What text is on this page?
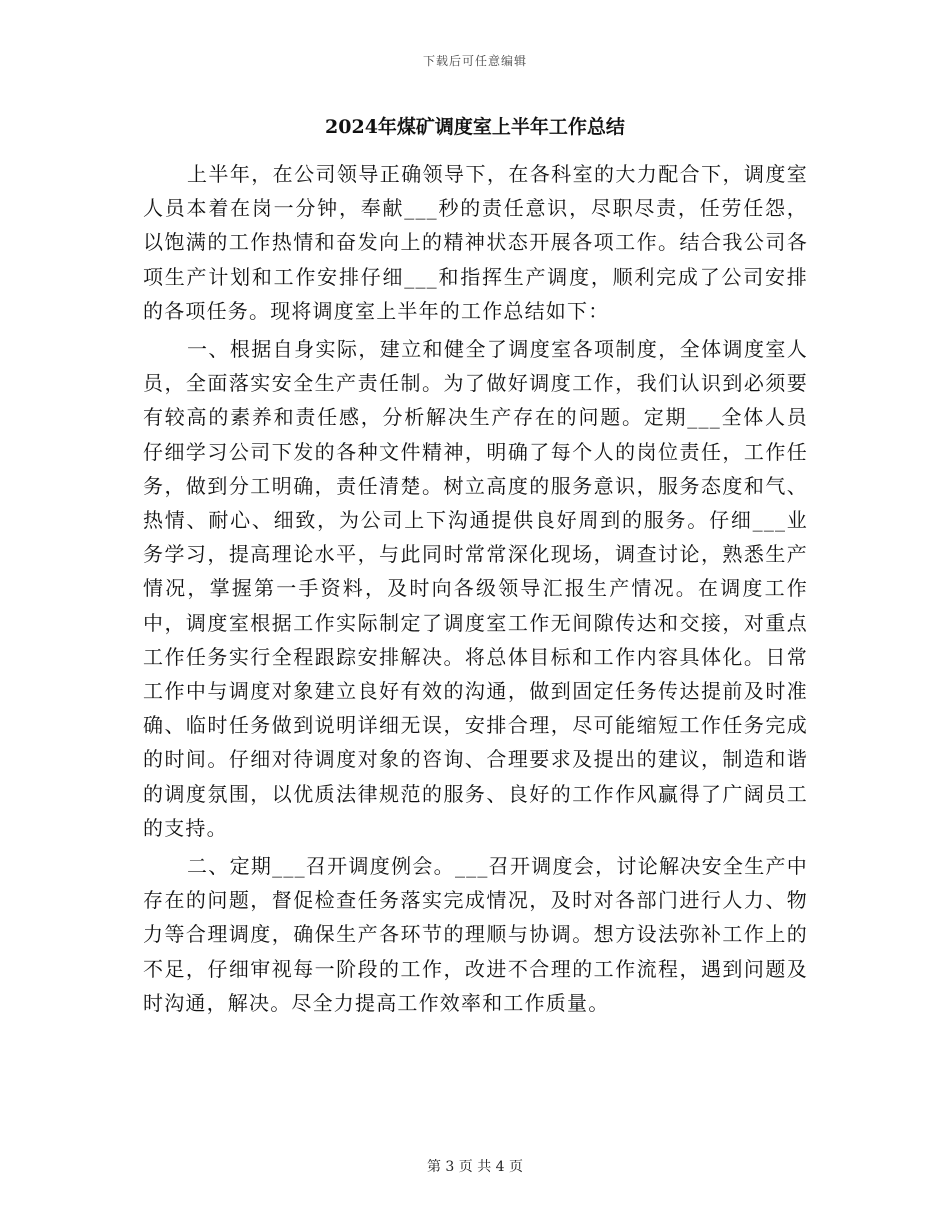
下载后可任意编辑
2024年煤矿调度室上半年工作总结

上半年，在公司领导正确领导下，在各科室的大力配合下，调度室人员本着在岗一分钟，奉献___秒的责任意识，尽职尽责，任劳任怨，以饱满的工作热情和奋发向上的精神状态开展各项工作。结合我公司各项生产计划和工作安排仔细___和指挥生产调度，顺利完成了公司安排的各项任务。现将调度室上半年的工作总结如下：

一、根据自身实际，建立和健全了调度室各项制度，全体调度室人员，全面落实安全生产责任制。为了做好调度工作，我们认识到必须要有较高的素养和责任感，分析解决生产存在的问题。定期___全体人员仔细学习公司下发的各种文件精神，明确了每个人的岗位责任，工作任务，做到分工明确，责任清楚。树立高度的服务意识，服务态度和气、热情、耐心、细致，为公司上下沟通提供良好周到的服务。仔细___业务学习，提高理论水平，与此同时常常深化现场，调查讨论，熟悉生产情况，掌握第一手资料，及时向各级领导汇报生产情况。在调度工作中，调度室根据工作实际制定了调度室工作无间隙传达和交接，对重点工作任务实行全程跟踪安排解决。将总体目标和工作内容具体化。日常工作中与调度对象建立良好有效的沟通，做到固定任务传达提前及时准确、临时任务做到说明详细无误，安排合理，尽可能缩短工作任务完成的时间。仔细对待调度对象的咨询、合理要求及提出的建议，制造和谐的调度氛围，以优质法律规范的服务、良好的工作作风赢得了广阔员工的支持。

二、定期___召开调度例会。___召开调度会，讨论解决安全生产中存在的问题，督促检查任务落实完成情况，及时对各部门进行人力、物力等合理调度，确保生产各环节的理顺与协调。想方设法弥补工作上的不足，仔细审视每一阶段的工作，改进不合理的工作流程，遇到问题及时沟通，解决。尽全力提高工作效率和工作质量。

第 3 页 共 4 页
